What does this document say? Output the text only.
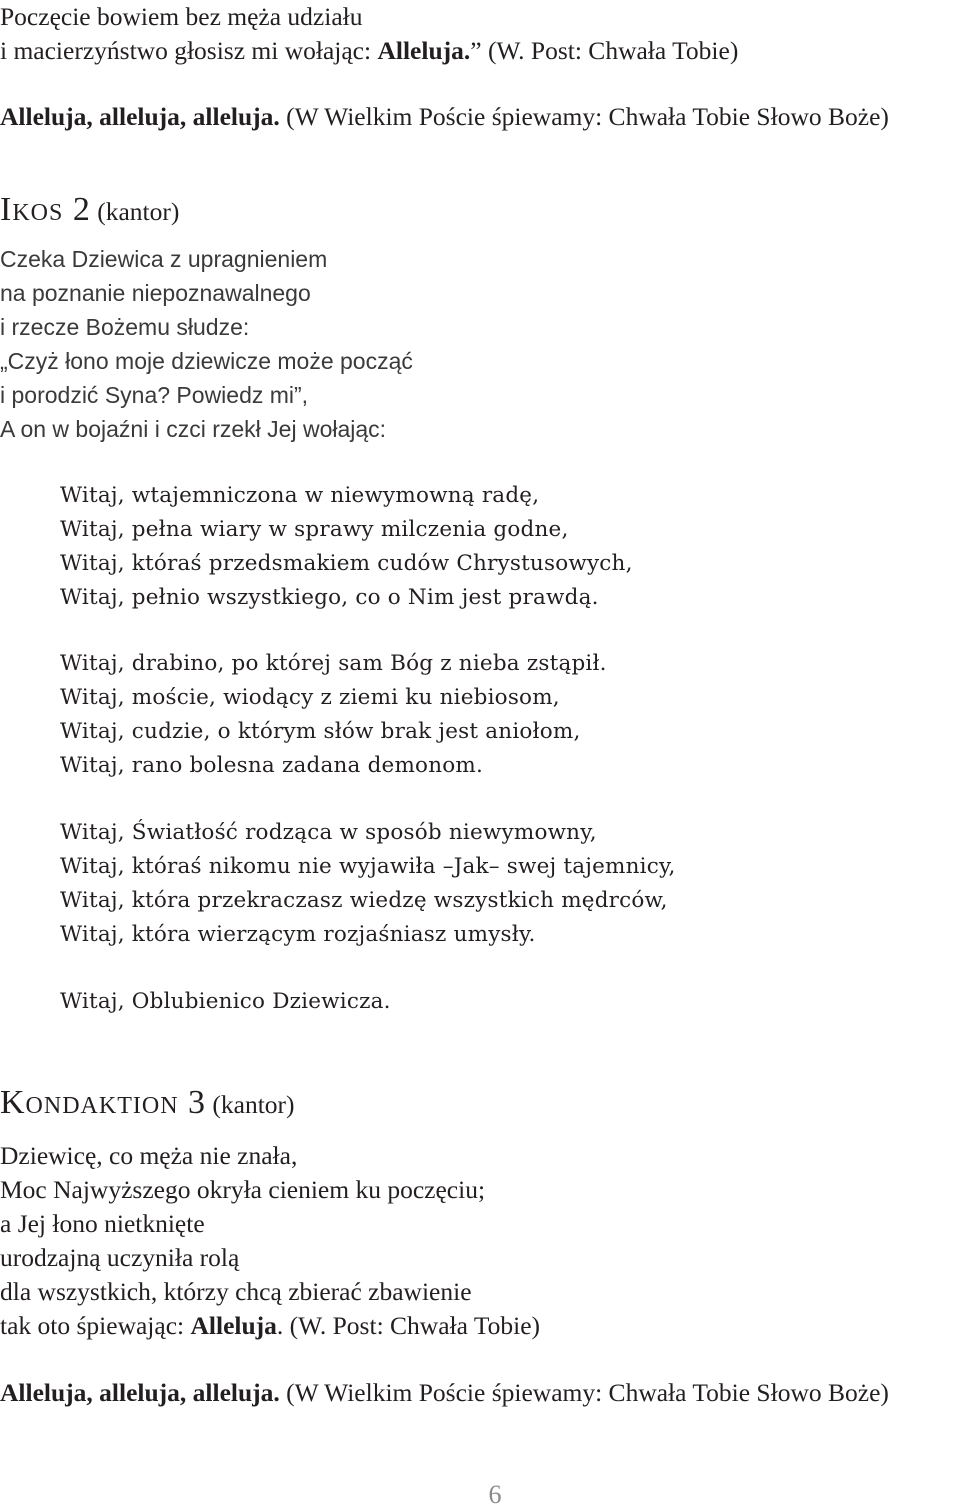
Poczęcie bowiem bez męża udziału
i macierzyństwo głosisz mi wołając: Alleluja.” (W. Post: Chwała Tobie)
Alleluja, alleluja, alleluja. (W Wielkim Poście śpiewamy: Chwała Tobie Słowo Boże)
Ikos 2 (kantor)
Czeka Dziewica z upragnieniem
na poznanie niepoznawalnego
i rzecze Bożemu słudze:
„Czyż łono moje dziewicze może począć
i porodzić Syna? Powiedz mi”,
A on w bojaźni i czci rzekł Jej wołając:
Witaj, wtajemniczona w niewymowną radę,
Witaj, pełna wiary w sprawy milczenia godne,
Witaj, któraś przedsmakiem cudów Chrystusowych,
Witaj, pełnio wszystkiego, co o Nim jest prawdą.
Witaj, drabino, po której sam Bóg z nieba zstąpił.
Witaj, moście, wiodący z ziemi ku niebiosom,
Witaj, cudzie, o którym słów brak jest aniołom,
Witaj, rano bolesna zadana demonom.
Witaj, Światłość rodząca w sposób niewymowny,
Witaj, któraś nikomu nie wyjawiła –Jak– swej tajemnicy,
Witaj, która przekraczasz wiedzę wszystkich mędrców,
Witaj, która wierzącym rozjaśniasz umysły.
Witaj, Oblubienico Dziewicza.
Kondaktion 3 (kantor)
Dziewicę, co męża nie znała,
Moc Najwyższego okryła cieniem ku poczęciu;
a Jej łono nietknięte
urodzajną uczyniła rolą
dla wszystkich, którzy chcą zbierać zbawienie
tak oto śpiewając: Alleluja. (W. Post: Chwała Tobie)
Alleluja, alleluja, alleluja. (W Wielkim Poście śpiewamy: Chwała Tobie Słowo Boże)
6
